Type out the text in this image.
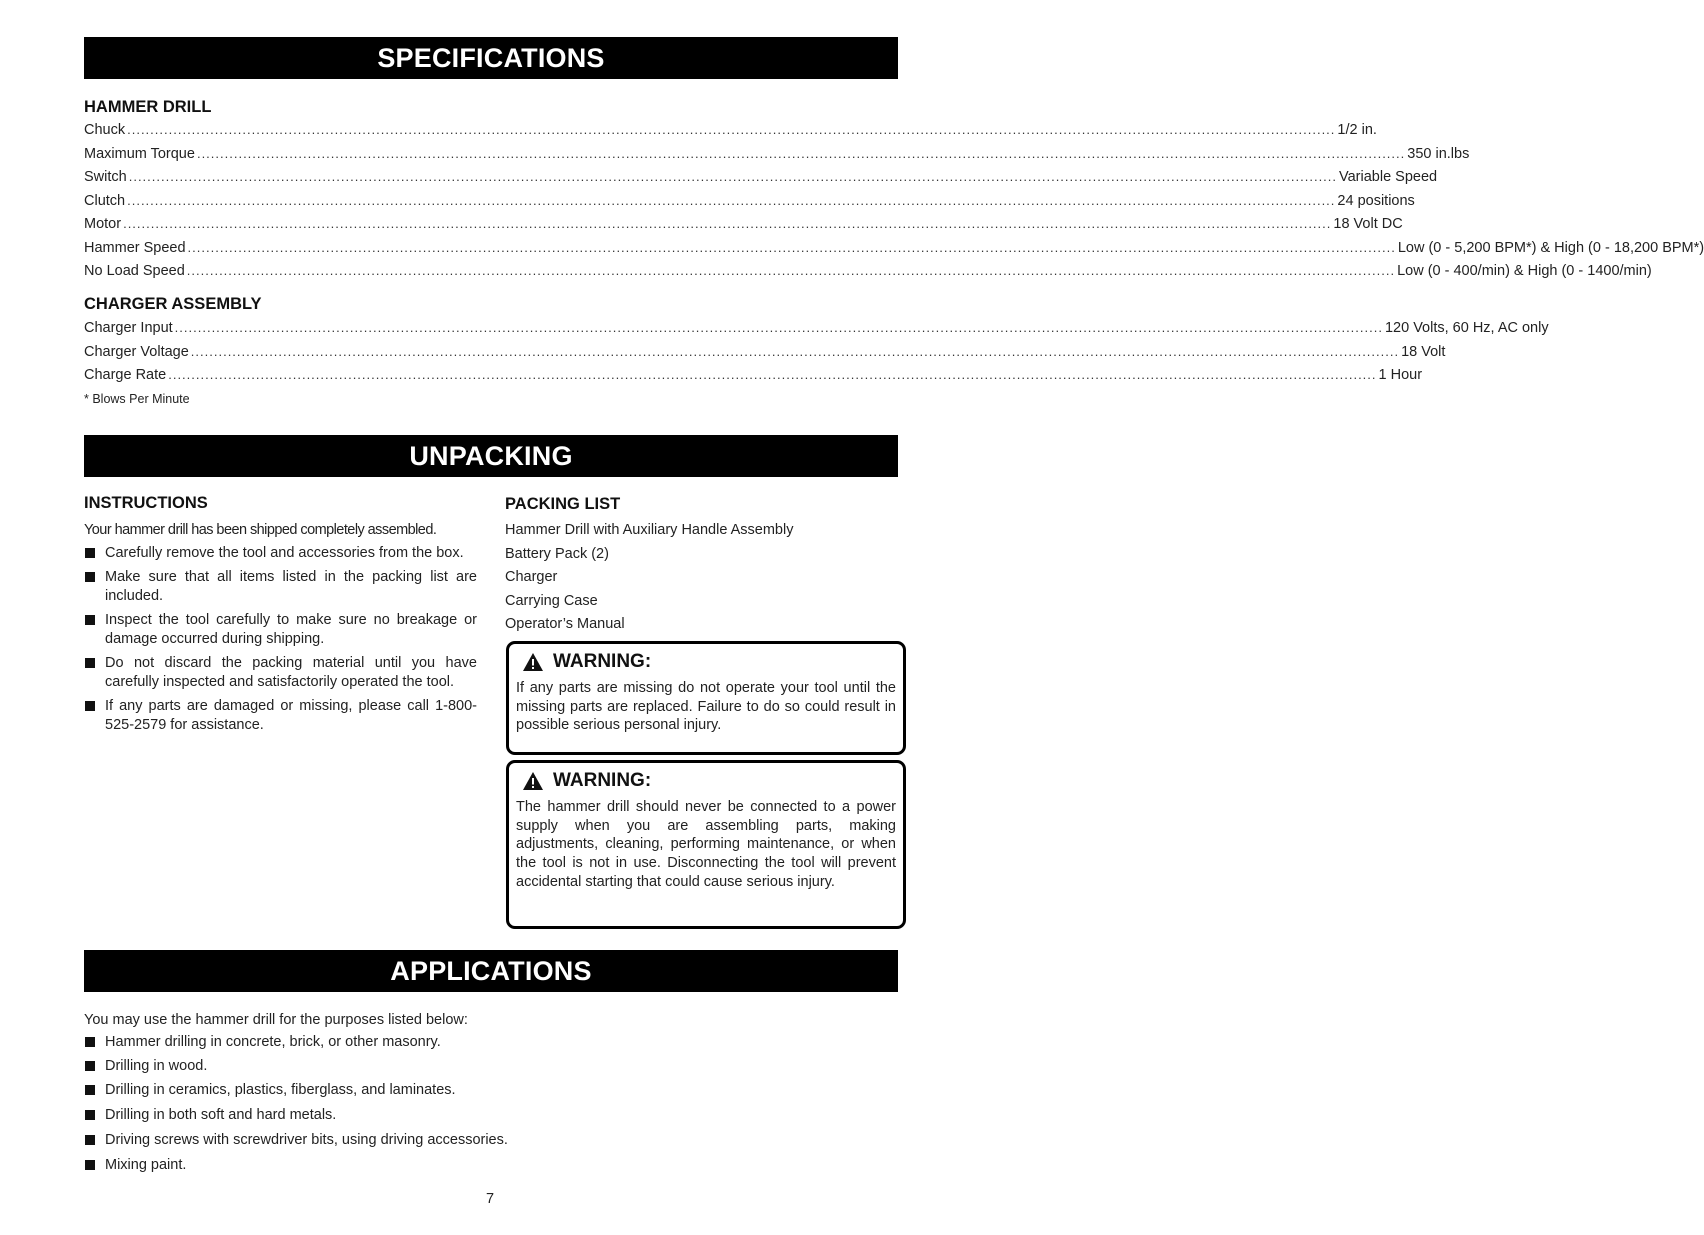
SPECIFICATIONS
HAMMER DRILL
Chuck ...................................................................................................................................................................................................................................................................... 1/2 in.
Maximum Torque ...................................................................................................................................................................................................................................................................... 350 in.lbs
Switch ...................................................................................................................................................................................................................................................................... Variable Speed
Clutch ...................................................................................................................................................................................................................................................................... 24 positions
Motor ...................................................................................................................................................................................................................................................................... 18 Volt DC
Hammer Speed ...................................................................................................................................................................................................................................................................... Low (0 - 5,200 BPM*) & High (0 - 18,200 BPM*)
No Load Speed ...................................................................................................................................................................................................................................................................... Low (0 - 400/min) & High (0 - 1400/min)
CHARGER ASSEMBLY
Charger Input ...................................................................................................................................................................................................................................................................... 120 Volts, 60 Hz, AC only
Charger Voltage ...................................................................................................................................................................................................................................................................... 18 Volt
Charge Rate ...................................................................................................................................................................................................................................................................... 1 Hour
* Blows Per Minute
UNPACKING
INSTRUCTIONS
Your hammer drill has been shipped completely assembled.
Carefully remove the tool and accessories from the box.
Make sure that all items listed in the packing list are included.
Inspect the tool carefully to make sure no breakage or damage occurred during shipping.
Do not discard the packing material until you have carefully inspected and satisfactorily operated the tool.
If any parts are damaged or missing, please call 1-800-525-2579 for assistance.
PACKING LIST
Hammer Drill with Auxiliary Handle Assembly
Battery Pack (2)
Charger
Carrying Case
Operator’s Manual
WARNING:
If any parts are missing do not operate your tool until the missing parts are replaced. Failure to do so could result in possible serious personal injury.
WARNING:
The hammer drill should never be connected to a power supply when you are assembling parts, making adjustments, cleaning, performing maintenance, or when the tool is not in use. Disconnecting the tool will prevent accidental starting that could cause serious injury.
APPLICATIONS
You may use the hammer drill for the purposes listed below:
Hammer drilling in concrete, brick, or other masonry.
Drilling in wood.
Drilling in ceramics, plastics, fiberglass, and laminates.
Drilling in both soft and hard metals.
Driving screws with screwdriver bits, using driving accessories.
Mixing paint.
7
